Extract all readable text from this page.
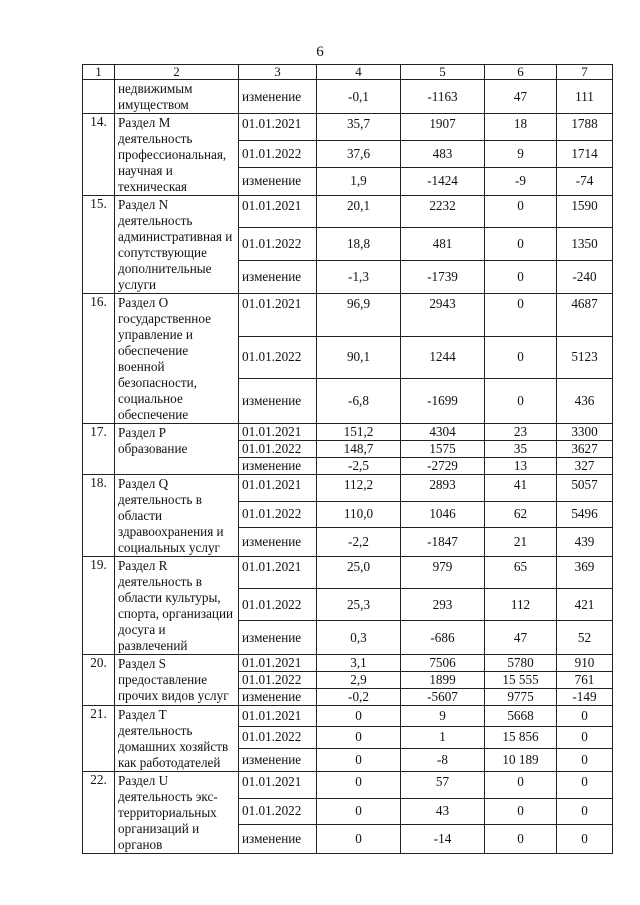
6
1	2	3	4	5	6	7
	недвижимым имуществом	изменение	-0,1	-1163	47	111
14.	Раздел M деятельность профессиональная, научная и техническая	01.01.2021	35,7	1907	18	1788
		01.01.2022	37,6	483	9	1714
		изменение	1,9	-1424	-9	-74
15.	Раздел N деятельность административная и сопутствующие дополнительные услуги	01.01.2021	20,1	2232	0	1590
		01.01.2022	18,8	481	0	1350
		изменение	-1,3	-1739	0	-240
16.	Раздел O государственное управление и обеспечение военной безопасности, социальное обеспечение	01.01.2021	96,9	2943	0	4687
		01.01.2022	90,1	1244	0	5123
		изменение	-6,8	-1699	0	436
17.	Раздел P образование	01.01.2021	151,2	4304	23	3300
		01.01.2022	148,7	1575	35	3627
		изменение	-2,5	-2729	13	327
18.	Раздел Q деятельность в области здравоохранения и социальных услуг	01.01.2021	112,2	2893	41	5057
		01.01.2022	110,0	1046	62	5496
		изменение	-2,2	-1847	21	439
19.	Раздел R деятельность в области культуры, спорта, организации досуга и развлечений	01.01.2021	25,0	979	65	369
		01.01.2022	25,3	293	112	421
		изменение	0,3	-686	47	52
20.	Раздел S предоставление прочих видов услуг	01.01.2021	3,1	7506	5780	910
		01.01.2022	2,9	1899	15 555	761
		изменение	-0,2	-5607	9775	-149
21.	Раздел T деятельность домашних хозяйств как работодателей	01.01.2021	0	9	5668	0
		01.01.2022	0	1	15 856	0
		изменение	0	-8	10 189	0
22.	Раздел U деятельность экс-территориальных организаций и органов	01.01.2021	0	57	0	0
		01.01.2022	0	43	0	0
		изменение	0	-14	0	0
